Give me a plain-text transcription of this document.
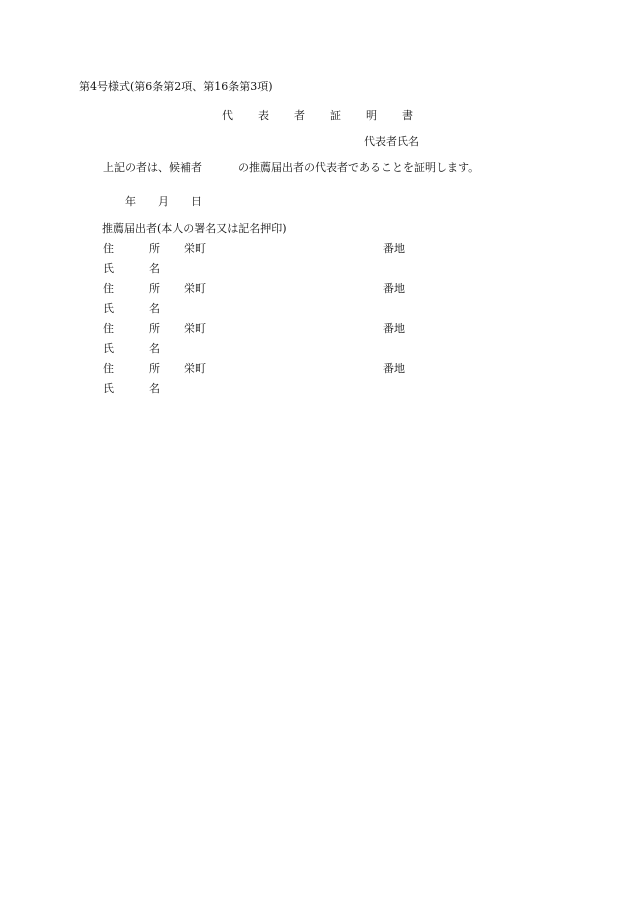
第4号様式(第6条第2項、第16条第3項)
代 表 者 証 明 書
代表者氏名
上記の者は、候補者	の推薦届出者の代表者であることを証明します。
年 月 日
推薦届出者(本人の署名又は記名押印)
住	所 栄町	番地
氏	名
住	所 栄町	番地
氏	名
住	所 栄町	番地
氏	名
住	所 栄町	番地
氏	名
